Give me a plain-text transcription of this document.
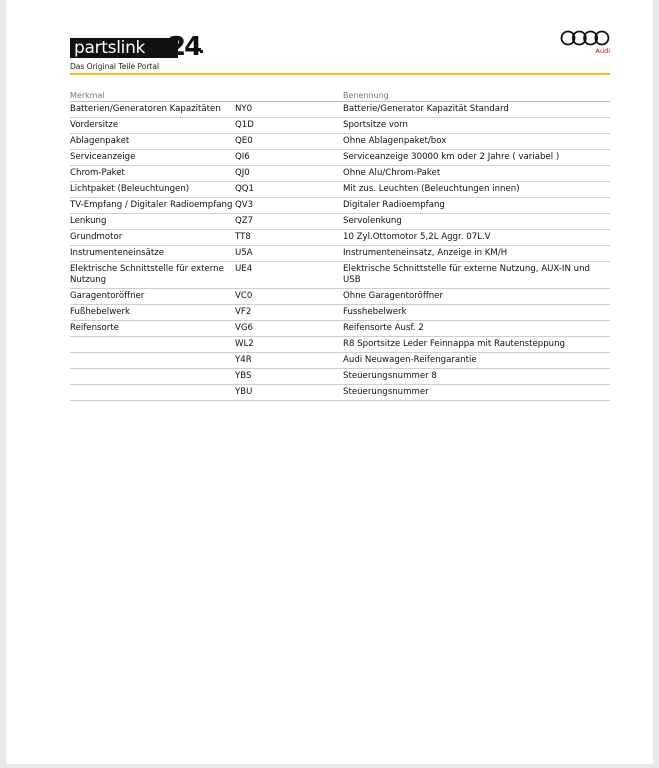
partslink 24
Das Original Teile Portal
Audi
Merkmal		Benennung
Batterien/Generatoren Kapazitäten	NY0	Batterie/Generator Kapazität Standard
Vordersitze	Q1D	Sportsitze vorn
Ablagenpaket	QE0	Ohne Ablagenpaket/box
Serviceanzeige	QI6	Serviceanzeige 30000 km oder 2 Jahre ( variabel )
Chrom-Paket	QJ0	Ohne Alu/Chrom-Paket
Lichtpaket (Beleuchtungen)	QQ1	Mit zus. Leuchten (Beleuchtungen innen)
TV-Empfang / Digitaler Radioempfang	QV3	Digitaler Radioempfang
Lenkung	QZ7	Servolenkung
Grundmotor	TT8	10 Zyl.Ottomotor 5,2L Aggr. 07L.V
Instrumenteneinsätze	U5A	Instrumenteneinsatz, Anzeige in KM/H
Elektrische Schnittstelle für externe Nutzung	UE4	Elektrische Schnittstelle für externe Nutzung, AUX-IN und USB
Garagentoröffner	VC0	Ohne Garagentoröffner
Fußhebelwerk	VF2	Fusshebelwerk
Reifensorte	VG6	Reifensorte Ausf. 2
	WL2	R8 Sportsitze Leder Feinnappa mit Rautensteppung
	Y4R	Audi Neuwagen-Reifengarantie
	YBS	Steuerungsnummer 8
	YBU	Steuerungsnummer
